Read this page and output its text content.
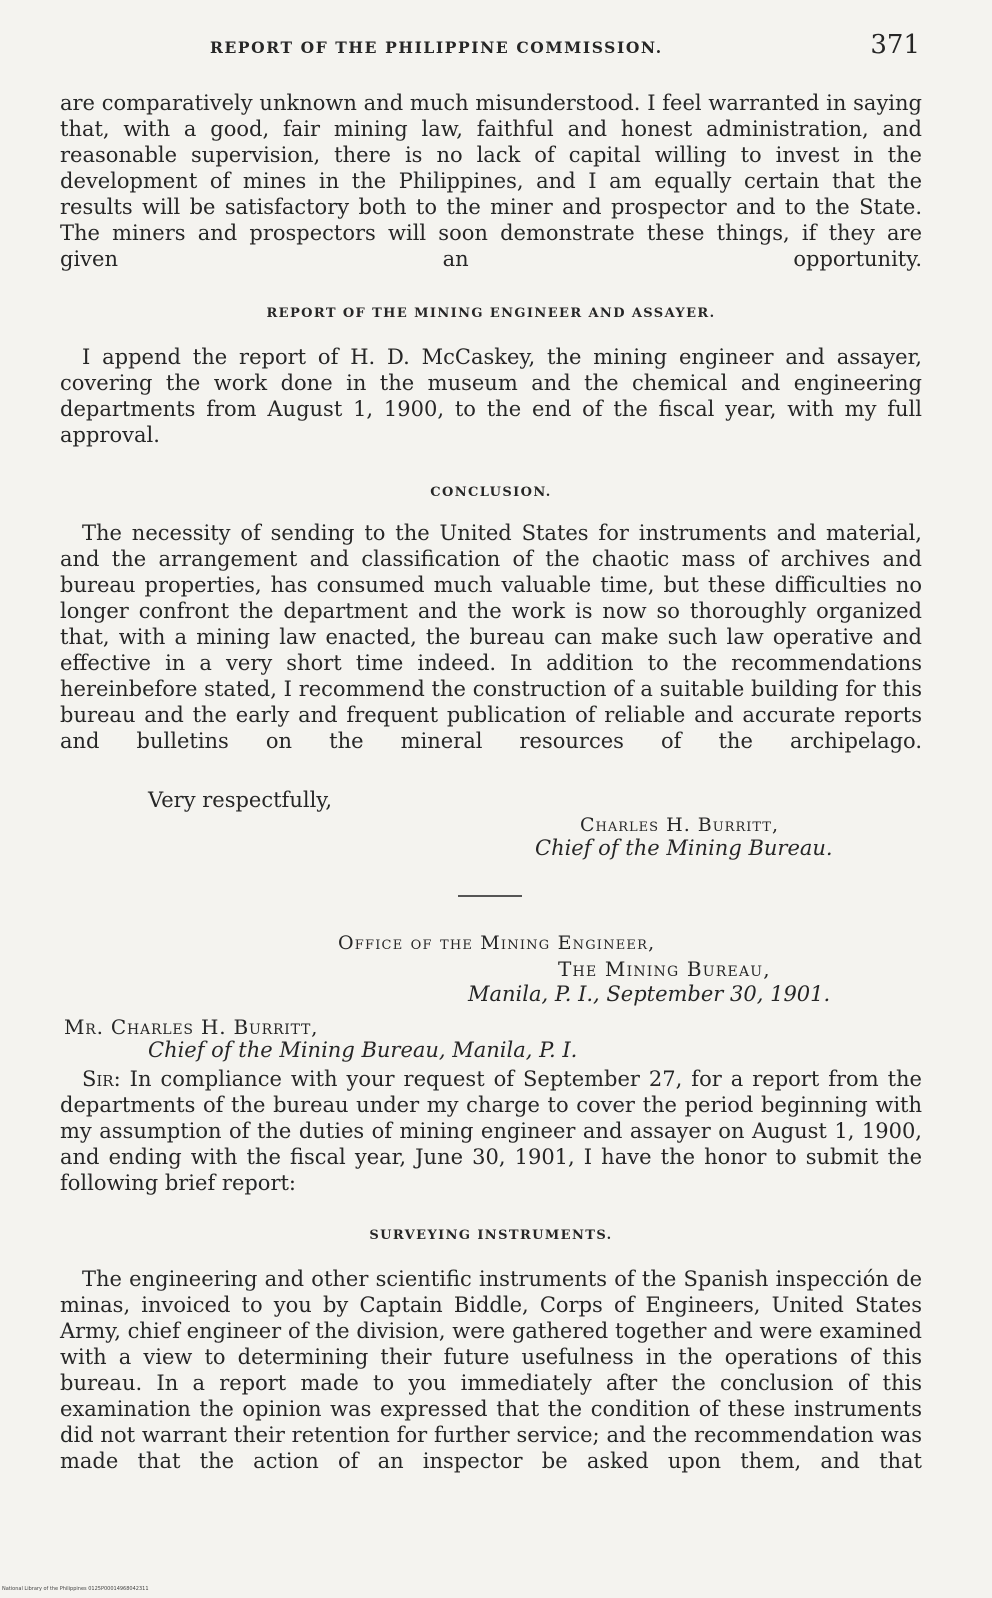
REPORT OF THE PHILIPPINE COMMISSION.	371

are comparatively unknown and much misunderstood. I feel warranted in saying that, with a good, fair mining law, faithful and honest administration, and reasonable supervision, there is no lack of capital willing to invest in the development of mines in the Philippines, and I am equally certain that the results will be satisfactory both to the miner and prospector and to the State. The miners and prospectors will soon demonstrate these things, if they are given an opportunity.

REPORT OF THE MINING ENGINEER AND ASSAYER.

I append the report of H. D. McCaskey, the mining engineer and assayer, covering the work done in the museum and the chemical and engineering departments from August 1, 1900, to the end of the fiscal year, with my full approval.

CONCLUSION.

The necessity of sending to the United States for instruments and material, and the arrangement and classification of the chaotic mass of archives and bureau properties, has consumed much valuable time, but these difficulties no longer confront the department and the work is now so thoroughly organized that, with a mining law enacted, the bureau can make such law operative and effective in a very short time indeed. In addition to the recommendations hereinbefore stated, I recommend the construction of a suitable building for this bureau and the early and frequent publication of reliable and accurate reports and bulletins on the mineral resources of the archipelago.

Very respectfully,
Charles H. Burritt,
Chief of the Mining Bureau.
Office of the Mining Engineer,
The Mining Bureau,
Manila, P. I., September 30, 1901.
Mr. Charles H. Burritt,
Chief of the Mining Bureau, Manila, P. I.

Sir: In compliance with your request of September 27, for a report from the departments of the bureau under my charge to cover the period beginning with my assumption of the duties of mining engineer and assayer on August 1, 1900, and ending with the fiscal year, June 30, 1901, I have the honor to submit the following brief report:

SURVEYING INSTRUMENTS.

The engineering and other scientific instruments of the Spanish inspección de minas, invoiced to you by Captain Biddle, Corps of Engineers, United States Army, chief engineer of the division, were gathered together and were examined with a view to determining their future usefulness in the operations of this bureau. In a report made to you immediately after the conclusion of this examination the opinion was expressed that the condition of these instruments did not warrant their retention for further service; and the recommendation was made that the action of an inspector be asked upon them, and that

National Library of the Philippines 0125P00014968042311
